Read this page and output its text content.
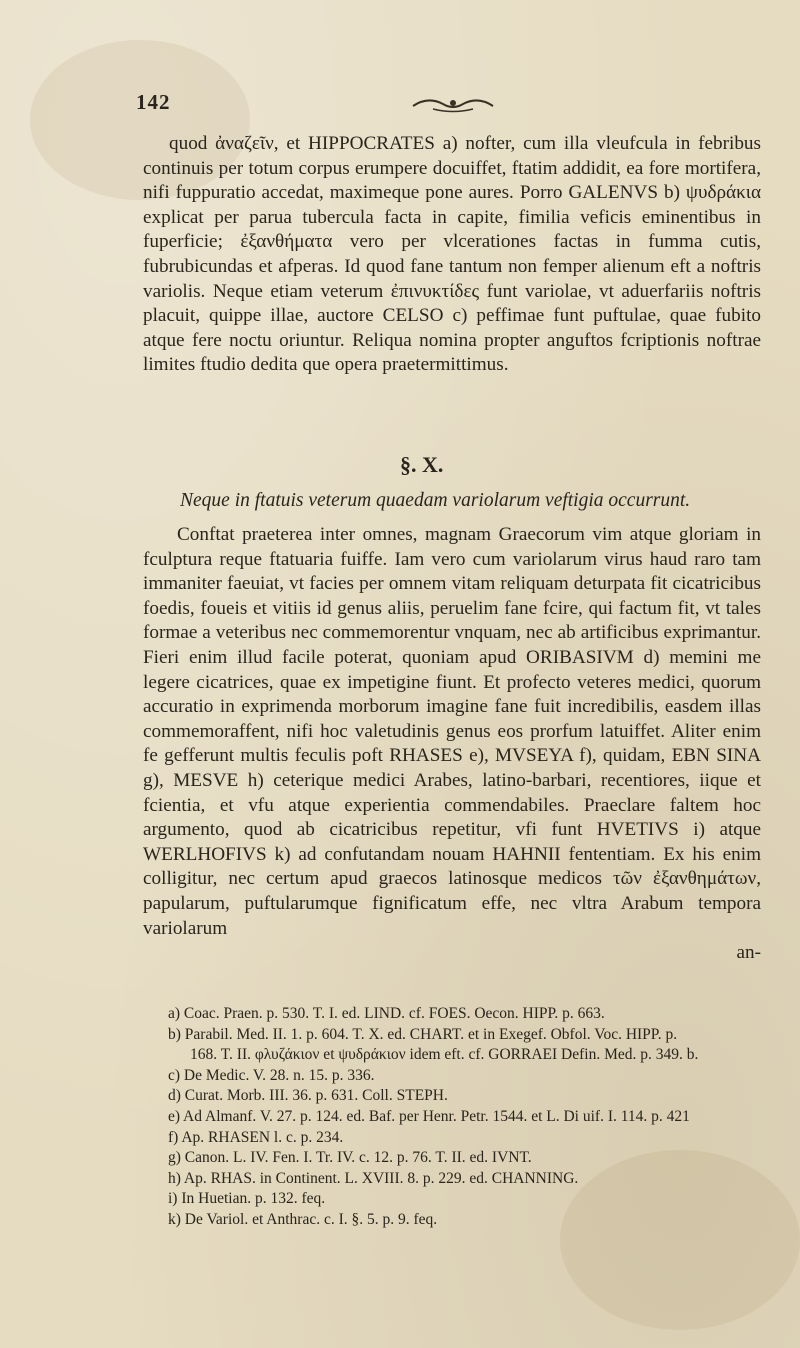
142

quod ἀναζεῖν, et HIPPOCRATES a) nofter, cum illa vleufcula in febribus continuis per totum corpus erumpere docuiffet, ftatim addidit, ea fore mortifera, nifi fuppuratio accedat, maximeque pone aures. Porro GALENVS b) ψυδράκια explicat per parua tubercula facta in capite, fimilia veficis eminentibus in fuperficie; ἐξανθήματα vero per vlcerationes factas in fumma cutis, fubrubicundas et afperas. Id quod fane tantum non femper alienum eft a noftris variolis. Neque etiam veterum ἐπινυκτίδες funt variolae, vt aduerfariis noftris placuit, quippe illae, auctore CELSO c) peffimae funt puftulae, quae fubito atque fere noctu oriuntur. Reliqua nomina propter anguftos fcriptionis noftrae limites ftudio dedita que opera praetermittimus.

§. X.
Neque in ftatuis veterum quaedam variolarum veftigia occurrunt.

Conftat praeterea inter omnes, magnam Graecorum vim atque gloriam in fculptura reque ftatuaria fuiffe. Iam vero cum variolarum virus haud raro tam immaniter faeuiat, vt facies per omnem vitam reliquam deturpata fit cicatricibus foedis, foueis et vitiis id genus aliis, peruelim fane fcire, qui factum fit, vt tales formae a veteribus nec commemorentur vnquam, nec ab artificibus exprimantur. Fieri enim illud facile poterat, quoniam apud ORIBASIVM d) memini me legere cicatrices, quae ex impetigine fiunt. Et profecto veteres medici, quorum accuratio in exprimenda morborum imagine fane fuit incredibilis, easdem illas commemoraffent, nifi hoc valetudinis genus eos prorfum latuiffet. Aliter enim fe gefferunt multis feculis poft RHASES e), MVSEYA f), quidam, EBN SINA g), MESVE h) ceterique medici Arabes, latino-barbari, recentiores, iique et fcientia, et vfu atque experientia commendabiles. Praeclare faltem hoc argumento, quod ab cicatricibus repetitur, vfi funt HVETIVS i) atque WERLHOFIVS k) ad confutandam nouam HAHNII fententiam. Ex his enim colligitur, nec certum apud graecos latinosque medicos τῶν ἐξανθημάτων, papularum, puftularumque fignificatum effe, nec vltra Arabum tempora variolarum

an-
a) Coac. Praen. p. 530. T. I. ed. LIND. cf. FOES. Oecon. HIPP. p. 663.
b) Parabil. Med. II. 1. p. 604. T. X. ed. CHART. et in Exegef. Obfol. Voc. HIPP. p.
168. T. II. φλυζάκιον et ψυδράκιον idem eft. cf. GORRAEI Defin. Med. p. 349. b.
c) De Medic. V. 28. n. 15. p. 336.
d) Curat. Morb. III. 36. p. 631. Coll. STEPH.
e) Ad Almanf. V. 27. p. 124. ed. Baf. per Henr. Petr. 1544. et L. Di uif. I. 114. p. 421
f) Ap. RHASEN l. c. p. 234.
g) Canon. L. IV. Fen. I. Tr. IV. c. 12. p. 76. T. II. ed. IVNT.
h) Ap. RHAS. in Continent. L. XVIII. 8. p. 229. ed. CHANNING.
i) In Huetian. p. 132. feq.
k) De Variol. et Anthrac. c. I. §. 5. p. 9. feq.
